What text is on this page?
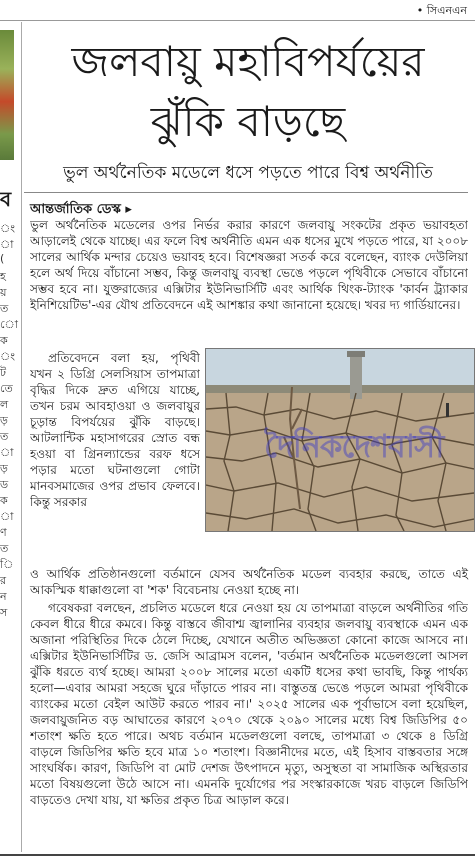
• সিএনএন
ব
ং
া
(
হ
য়
ত
ো
ক
ং
ট
তে
ল
ড়
ত
া
ড়
ড
ক
া
ণ
ত
ি
র
ন
স
জলবায়ু মহাবিপর্যয়ের
ঝুঁকি বাড়ছে
ভুল অর্থনৈতিক মডেলে ধসে পড়তে পারে বিশ্ব অর্থনীতি
আন্তর্জাতিক ডেস্ক ▸
ভুল অর্থনৈতিক মডেলের ওপর নির্ভর করার কারণে জলবায়ু সংকটের প্রকৃত ভয়াবহতা আড়ালেই থেকে যাচ্ছে। এর ফলে বিশ্ব অর্থনীতি এমন এক ধসের মুখে পড়তে পারে, যা ২০০৮ সালের আর্থিক মন্দার চেয়েও ভয়াবহ হবে। বিশেষজ্ঞরা সতর্ক করে বলেছেন, ব্যাংক দেউলিয়া হলে অর্থ দিয়ে বাঁচানো সম্ভব, কিন্তু জলবায়ু ব্যবস্থা ভেঙে পড়লে পৃথিবীকে সেভাবে বাঁচানো সম্ভব হবে না। যুক্তরাজ্যের এক্সিটার ইউনিভার্সিটি এবং আর্থিক থিংক-ট্যাংক 'কার্বন ট্র্যাকার ইনিশিয়েটিভ'-এর যৌথ প্রতিবেদনে এই আশঙ্কার কথা জানানো হয়েছে। খবর দ্য গার্ডিয়ানের।
প্রতিবেদনে বলা হয়, পৃথিবী যখন ২ ডিগ্রি সেলসিয়াস তাপমাত্রা বৃদ্ধির দিকে দ্রুত এগিয়ে যাচ্ছে, তখন চরম আবহাওয়া ও জলবায়ুর চূড়ান্ত বিপর্যয়ের ঝুঁকি বাড়ছে। আটলান্টিক মহাসাগরের স্রোত বন্ধ হওয়া বা গ্রিনল্যান্ডের বরফ ধসে পড়ার মতো ঘটনাগুলো গোটা মানবসমাজের ওপর প্রভাব ফেলবে। কিন্তু সরকার
দৈনিকদেশবাসী
ও আর্থিক প্রতিষ্ঠানগুলো বর্তমানে যেসব অর্থনৈতিক মডেল ব্যবহার করছে, তাতে এই আকস্মিক ধাক্কাগুলো বা 'শক' বিবেচনায় নেওয়া হচ্ছে না।
গবেষকরা বলছেন, প্রচলিত মডেলে ধরে নেওয়া হয় যে তাপমাত্রা বাড়লে অর্থনীতির গতি কেবল ধীরে ধীরে কমবে। কিন্তু বাস্তবে জীবাশ্ম জ্বালানির ব্যবহার জলবায়ু ব্যবস্থাকে এমন এক অজানা পরিস্থিতির দিকে ঠেলে দিচ্ছে, যেখানে অতীত অভিজ্ঞতা কোনো কাজে আসবে না। এক্সিটার ইউনিভার্সিটির ড. জেসি আব্রামস বলেন, 'বর্তমান অর্থনৈতিক মডেলগুলো আসল ঝুঁকি ধরতে ব্যর্থ হচ্ছে। আমরা ২০০৮ সালের মতো একটি ধসের কথা ভাবছি, কিন্তু পার্থক্য হলো—এবার আমরা সহজে ঘুরে দাঁড়াতে পারব না। বাস্তুতন্ত্র ভেঙে পড়লে আমরা পৃথিবীকে ব্যাংকের মতো বেইল আউট করতে পারব না।' ২০২৫ সালের এক পূর্বাভাসে বলা হয়েছিল, জলবায়ুজনিত বড় আঘাতের কারণে ২০৭০ থেকে ২০৯০ সালের মধ্যে বিশ্ব জিডিপির ৫০ শতাংশ ক্ষতি হতে পারে। অথচ বর্তমান মডেলগুলো বলছে, তাপমাত্রা ৩ থেকে ৪ ডিগ্রি বাড়লে জিডিপির ক্ষতি হবে মাত্র ১০ শতাংশ। বিজ্ঞানীদের মতে, এই হিসাব বাস্তবতার সঙ্গে সাংঘর্ষিক। কারণ, জিডিপি বা মোট দেশজ উৎপাদনে মৃত্যু, অসুস্থতা বা সামাজিক অস্থিরতার মতো বিষয়গুলো উঠে আসে না। এমনকি দুর্যোগের পর সংস্কারকাজে খরচ বাড়লে জিডিপি বাড়তেও দেখা যায়, যা ক্ষতির প্রকৃত চিত্র আড়াল করে।
